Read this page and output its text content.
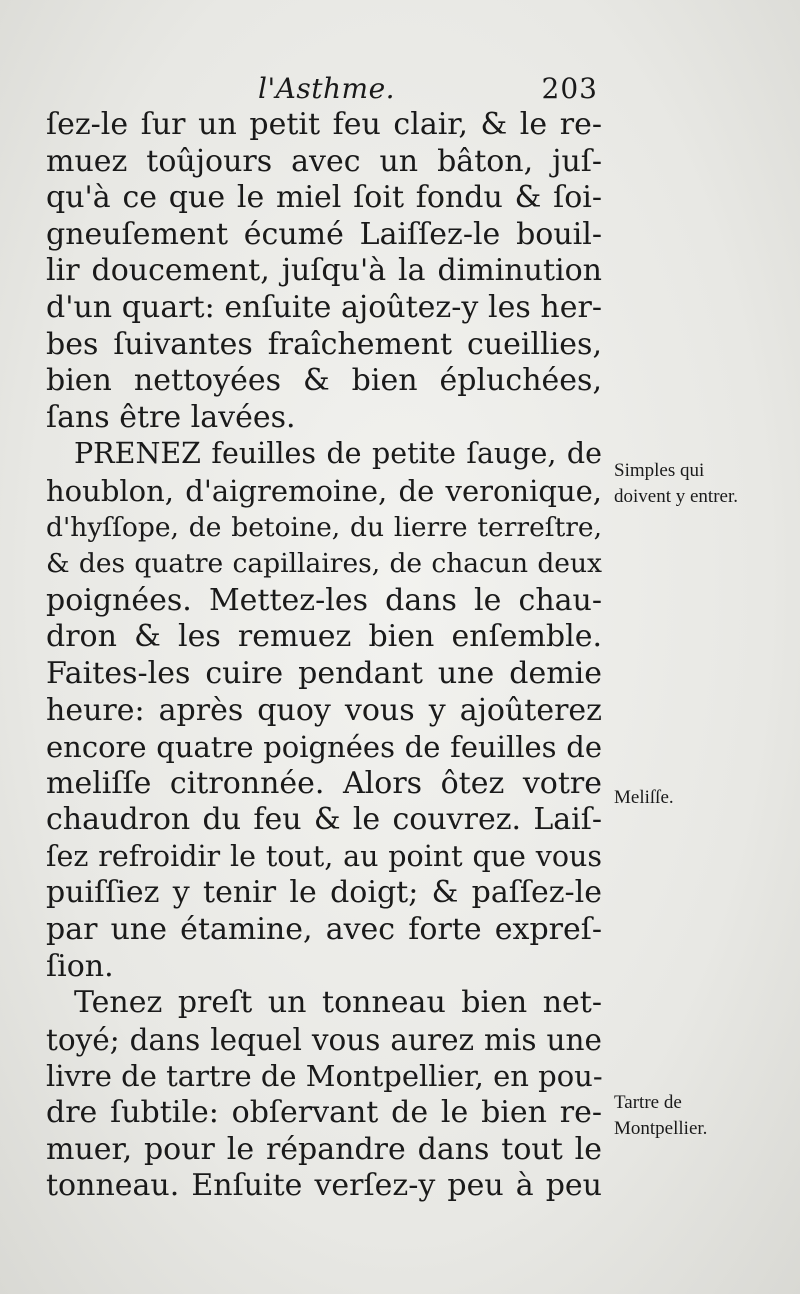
l'Asthme.	203
ſez-le ſur un petit feu clair, & le re-
muez toûjours avec un bâton, juſ-
qu'à ce que le miel ſoit fondu & ſoi-
gneuſement écumé Laiſſez-le bouil-
lir doucement, juſqu'à la diminution
d'un quart: enſuite ajoûtez-y les her-
bes ſuivantes fraîchement cueillies,
bien nettoyées & bien épluchées,
ſans être lavées.
PRENEZ feuilles de petite ſauge, de
houblon, d'aigremoine, de veronique,
d'hyſſope, de betoine, du lierre terreſtre,
& des quatre capillaires, de chacun deux
poignées. Mettez-les dans le chau-
dron & les remuez bien enſemble.
Faites-les cuire pendant une demie
heure: après quoy vous y ajoûterez
encore quatre poignées de feuilles de
meliſſe citronnée. Alors ôtez votre
chaudron du feu & le couvrez. Laiſ-
ſez refroidir le tout, au point que vous
puiſſiez y tenir le doigt; & paſſez-le
par une étamine, avec forte expreſ-
ſion.
Tenez preſt un tonneau bien net-
toyé; dans lequel vous aurez mis une
livre de tartre de Montpellier, en pou-
dre ſubtile: obſervant de le bien re-
muer, pour le répandre dans tout le
tonneau. Enſuite verſez-y peu à peu
Simples qui doivent y entrer.
Meliſſe.
Tartre de Montpellier.
